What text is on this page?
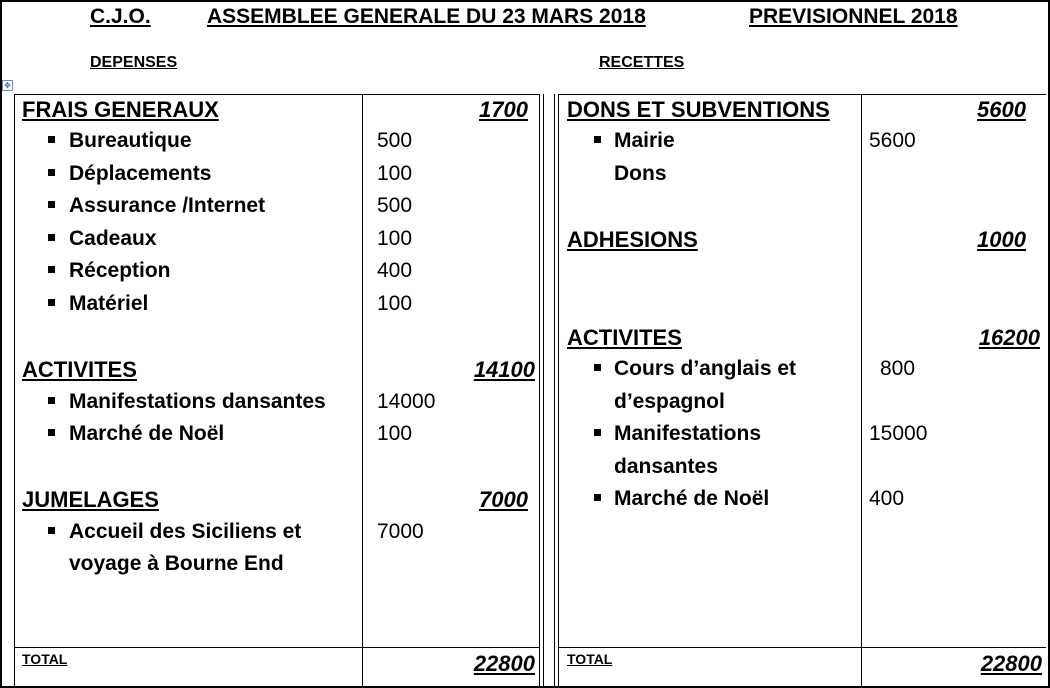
C.J.O.	ASSEMBLEE GENERALE DU 23 MARS 2018	PREVISIONNEL 2018
DEPENSES	RECETTES
✥
FRAIS GENERAUX	1700
Bureautique	500
Déplacements	100
Assurance /Internet	500
Cadeaux	100
Réception	400
Matériel	100
ACTIVITES	14100
Manifestations dansantes 14000
Marché de Noël	100
JUMELAGES	7000
Accueil des Siciliens et
voyage à Bourne End
7000
TOTAL	22800
DONS ET SUBVENTIONS	5600
Mairie	5600
Dons
ADHESIONS	1000
ACTIVITES	16200
Cours d’anglais et
d’espagnol
800
Manifestations
dansantes
15000
Marché de Noël	400
TOTAL	22800
